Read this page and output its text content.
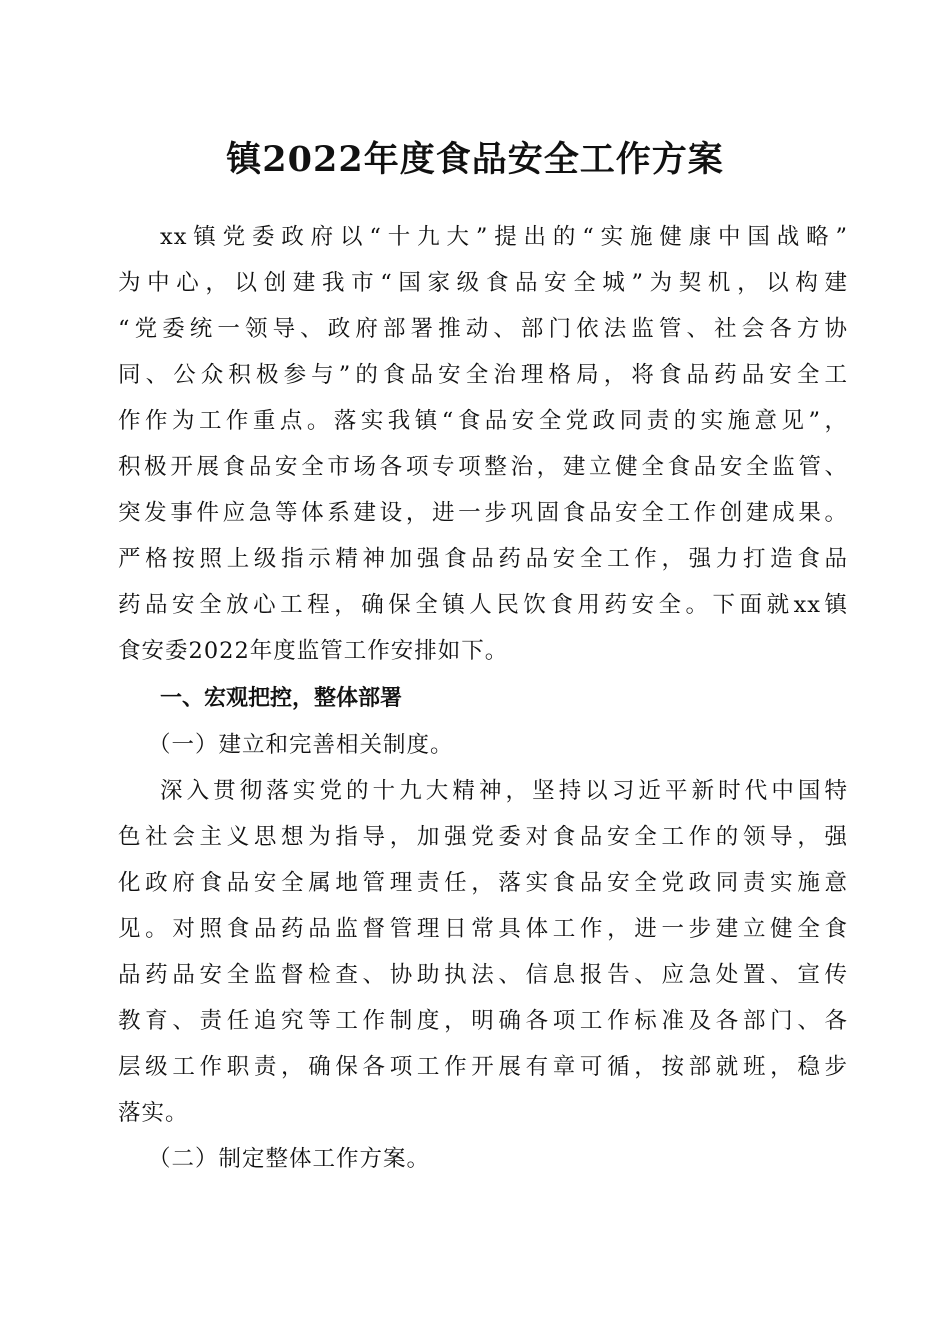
镇2022年度食品安全工作方案
xx镇党委政府以“十九大”提出的“实施健康中国战略”
为中心，以创建我市“国家级食品安全城”为契机，以构建
“党委统一领导、政府部署推动、部门依法监管、社会各方协
同、公众积极参与”的食品安全治理格局，将食品药品安全工
作作为工作重点。落实我镇“食品安全党政同责的实施意见”，
积极开展食品安全市场各项专项整治，建立健全食品安全监管、
突发事件应急等体系建设，进一步巩固食品安全工作创建成果。
严格按照上级指示精神加强食品药品安全工作，强力打造食品
药品安全放心工程，确保全镇人民饮食用药安全。下面就xx镇
食安委2022年度监管工作安排如下。
一、宏观把控，整体部署
（一）建立和完善相关制度。
深入贯彻落实党的十九大精神，坚持以习近平新时代中国特
色社会主义思想为指导，加强党委对食品安全工作的领导，强
化政府食品安全属地管理责任，落实食品安全党政同责实施意
见。对照食品药品监督管理日常具体工作，进一步建立健全食
品药品安全监督检查、协助执法、信息报告、应急处置、宣传
教育、责任追究等工作制度，明确各项工作标准及各部门、各
层级工作职责，确保各项工作开展有章可循，按部就班，稳步
落实。
（二）制定整体工作方案。
